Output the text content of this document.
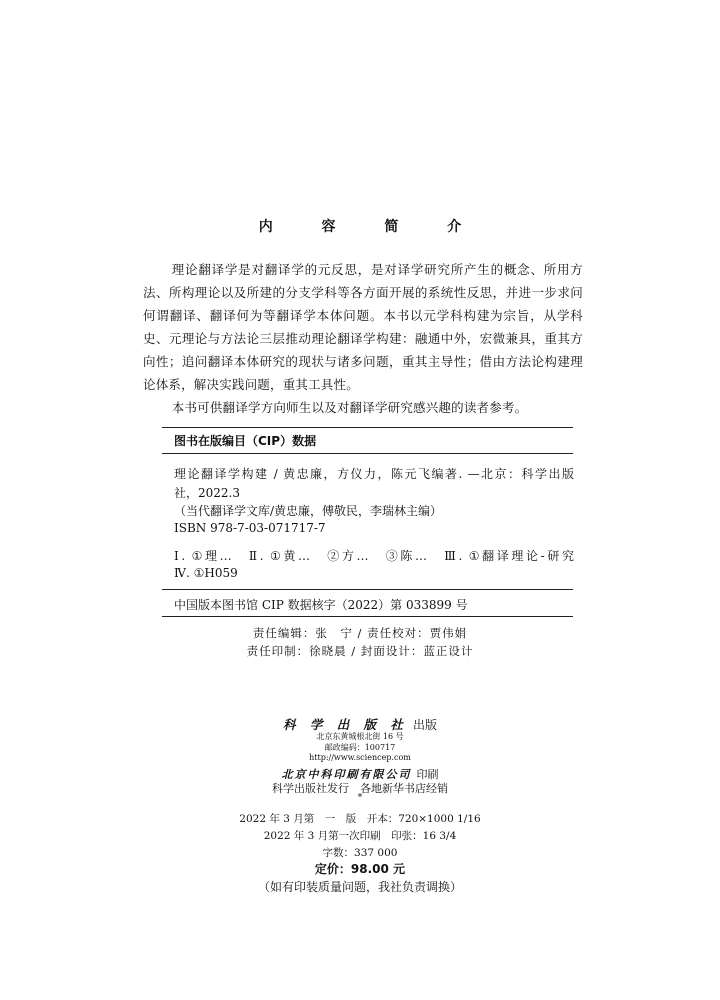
内 容 简 介

理论翻译学是对翻译学的元反思，是对译学研究所产生的概念、所用方法、所构理论以及所建的分支学科等各方面开展的系统性反思，并进一步求问何谓翻译、翻译何为等翻译学本体问题。本书以元学科构建为宗旨，从学科史、元理论与方法论三层推动理论翻译学构建：融通中外，宏微兼具，重其方向性；追问翻译本体研究的现状与诸多问题，重其主导性；借由方法论构建理论体系，解决实践问题，重其工具性。

本书可供翻译学方向师生以及对翻译学研究感兴趣的读者参考。

图书在版编目（CIP）数据
理论翻译学构建 / 黄忠廉，方仪力，陈元飞编著. —北京：科学出版
社，2022.3
（当代翻译学文库/黄忠廉，傅敬民，李瑞林主编）
ISBN 978-7-03-071717-7
Ⅰ. ①理…　Ⅱ. ①黄…　②方…　③陈…　Ⅲ. ①翻译理论-研究
Ⅳ. ①H059
中国版本图书馆 CIP 数据核字（2022）第 033899 号
责任编辑：张　宁 / 责任校对：贾伟娟
责任印制：徐晓晨 / 封面设计：蓝正设计
科 学 出 版 社 出版
北京东黄城根北街 16 号
邮政编码：100717
http://www.sciencep.com
北京中科印刷有限公司 印刷
科学出版社发行　各地新华书店经销
*
2022 年 3 月第　一　版　开本：720×1000 1/16
2022 年 3 月第一次印刷　印张：16 3/4
字数：337 000
定价：98.00 元
（如有印装质量问题，我社负责调换）
